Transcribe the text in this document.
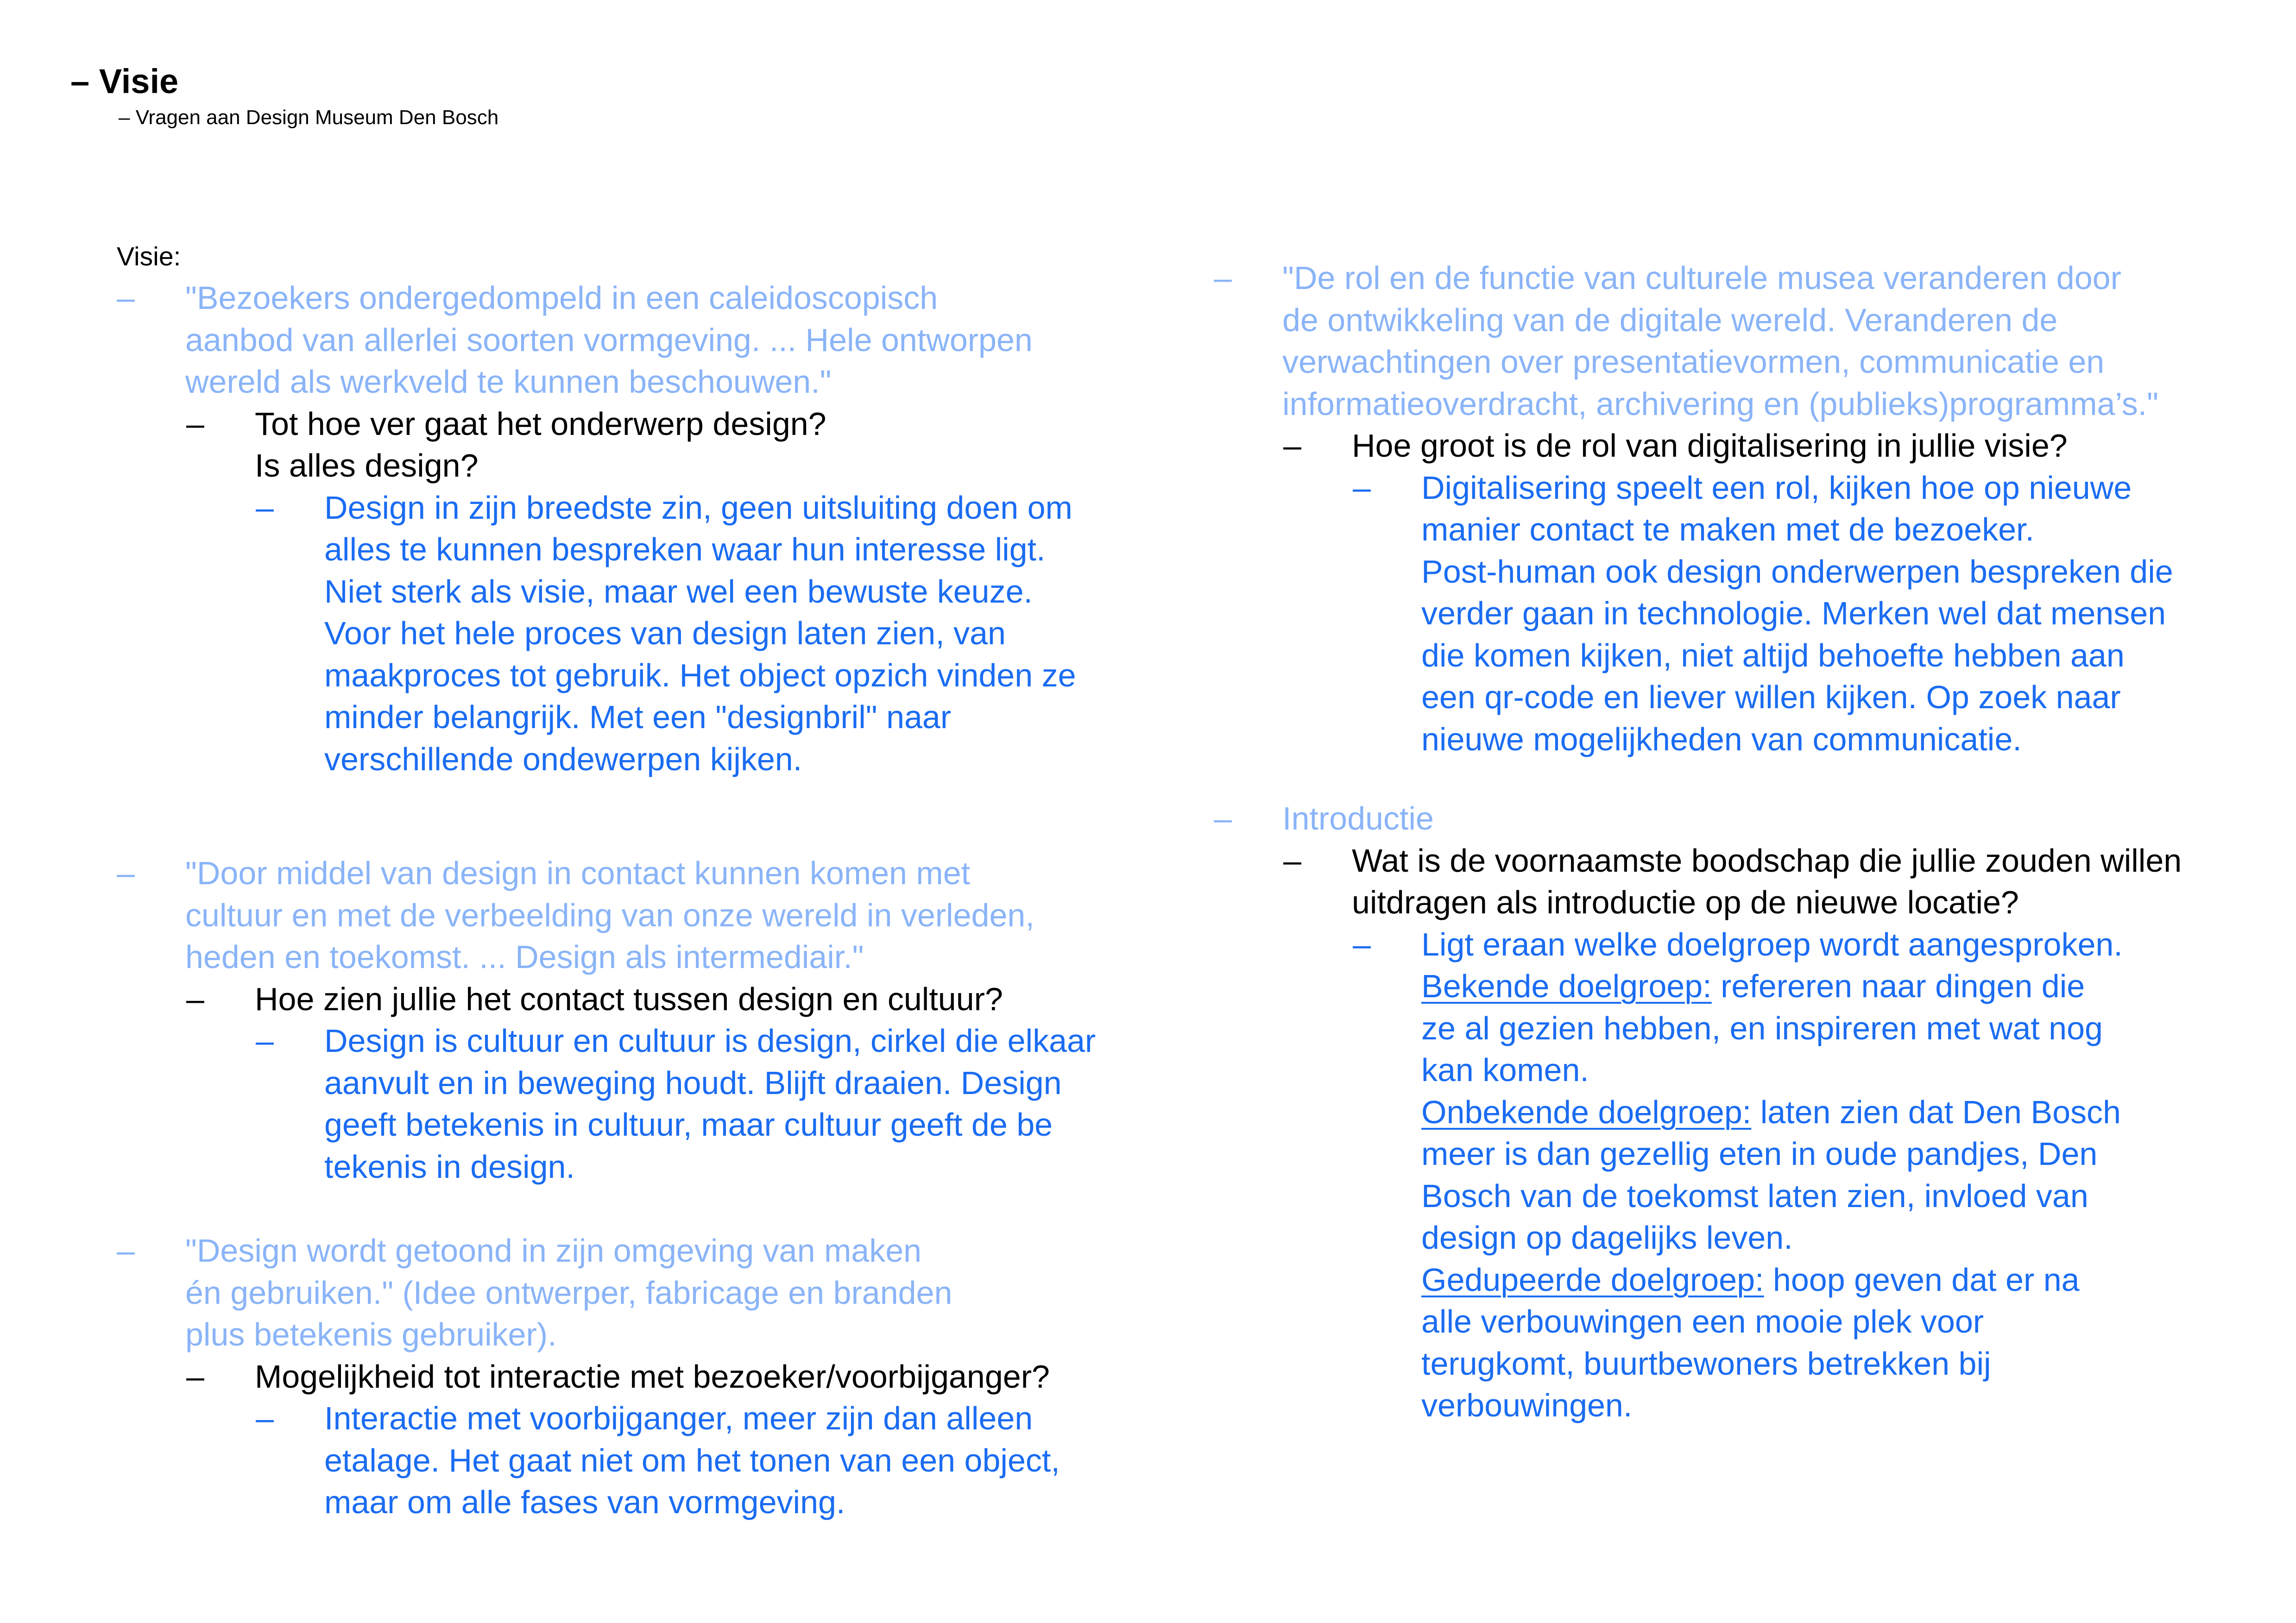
– Visie
– Vragen aan Design Museum Den Bosch
Visie:
– "Bezoekers ondergedompeld in een caleidoscopisch
aanbod van allerlei soorten vormgeving. ... Hele ontworpen
wereld als werkveld te kunnen beschouwen."
– Tot hoe ver gaat het onderwerp design?
Is alles design?
– Design in zijn breedste zin, geen uitsluiting doen om
alles te kunnen bespreken waar hun interesse ligt.
Niet sterk als visie, maar wel een bewuste keuze.
Voor het hele proces van design laten zien, van
maakproces tot gebruik. Het object opzich vinden ze
minder belangrijk. Met een "designbril" naar
verschillende ondewerpen kijken.
– "Door middel van design in contact kunnen komen met
cultuur en met de verbeelding van onze wereld in verleden,
heden en toekomst. ... Design als intermediair."
– Hoe zien jullie het contact tussen design en cultuur?
– Design is cultuur en cultuur is design, cirkel die elkaar
aanvult en in beweging houdt. Blijft draaien. Design
geeft betekenis in cultuur, maar cultuur geeft de be
tekenis in design.
– "Design wordt getoond in zijn omgeving van maken
én gebruiken." (Idee ontwerper, fabricage en branden
plus betekenis gebruiker).
– Mogelijkheid tot interactie met bezoeker/voorbijganger?
– Interactie met voorbijganger, meer zijn dan alleen
etalage. Het gaat niet om het tonen van een object,
maar om alle fases van vormgeving.
– "De rol en de functie van culturele musea veranderen door
de ontwikkeling van de digitale wereld. Veranderen de
verwachtingen over presentatievormen, communicatie en
informatieoverdracht, archivering en (publieks)programma’s."
– Hoe groot is de rol van digitalisering in jullie visie?
– Digitalisering speelt een rol, kijken hoe op nieuwe
manier contact te maken met de bezoeker.
Post-human ook design onderwerpen bespreken die
verder gaan in technologie. Merken wel dat mensen
die komen kijken, niet altijd behoefte hebben aan
een qr-code en liever willen kijken. Op zoek naar
nieuwe mogelijkheden van communicatie.
– Introductie
– Wat is de voornaamste boodschap die jullie zouden willen
uitdragen als introductie op de nieuwe locatie?
– Ligt eraan welke doelgroep wordt aangesproken.
Bekende doelgroep: refereren naar dingen die
ze al gezien hebben, en inspireren met wat nog
kan komen.
Onbekende doelgroep: laten zien dat Den Bosch
meer is dan gezellig eten in oude pandjes, Den
Bosch van de toekomst laten zien, invloed van
design op dagelijks leven.
Gedupeerde doelgroep: hoop geven dat er na
alle verbouwingen een mooie plek voor
terugkomt, buurtbewoners betrekken bij
verbouwingen.
